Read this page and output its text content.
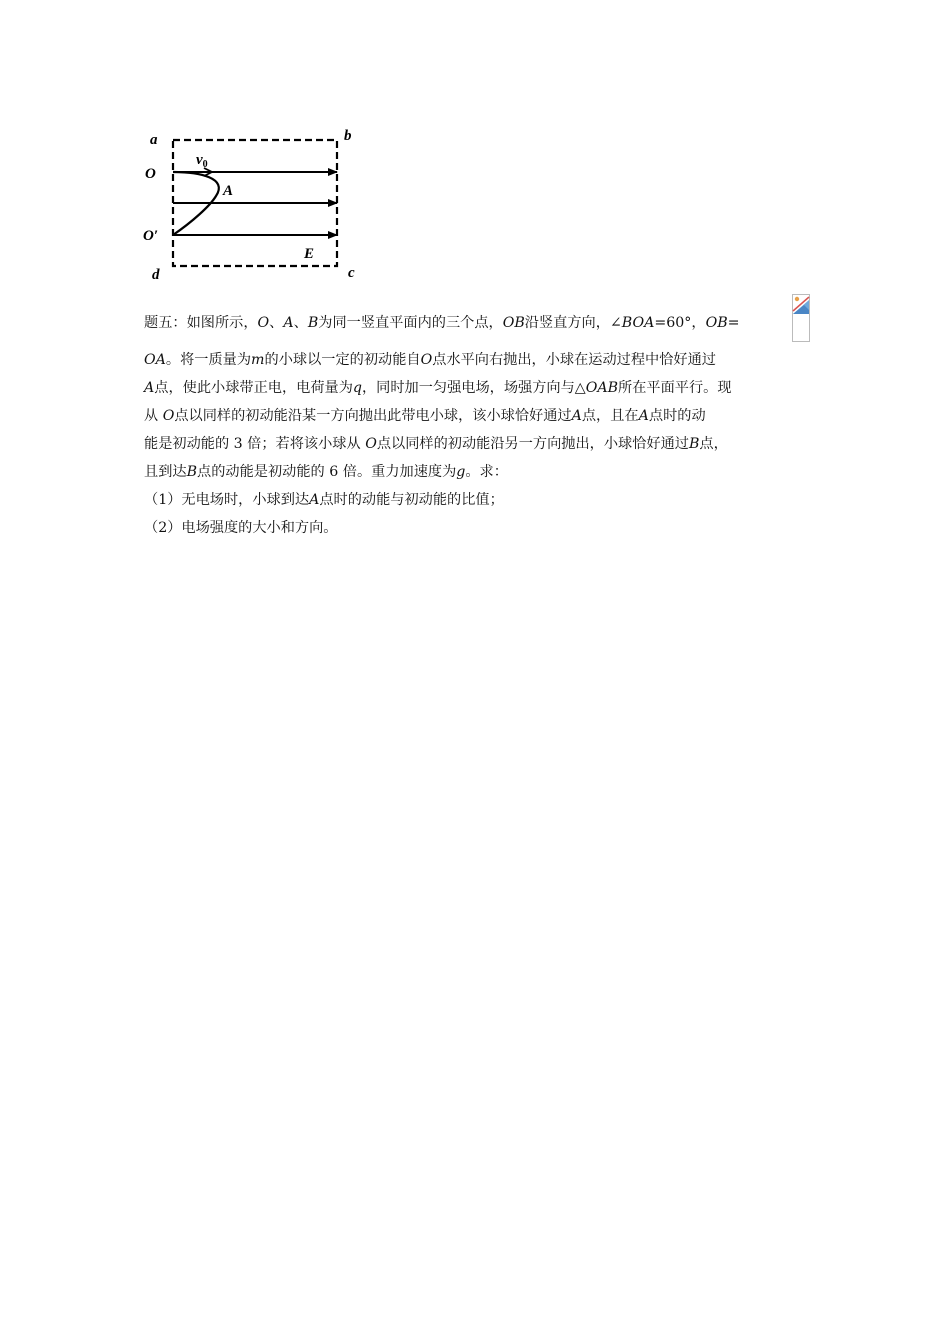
a	b
c
d
O
O′
A
E
$v_0$
题五：如图所示，O、A、B为同一竖直平面内的三个点，OB沿竖直方向，∠BOA=60°，OB=
OA。将一质量为m的小球以一定的初动能自O点水平向右抛出，小球在运动过程中恰好通过
A点，使此小球带正电，电荷量为q，同时加一匀强电场，场强方向与△OAB所在平面平行。现
从 O点以同样的初动能沿某一方向抛出此带电小球，该小球恰好通过A点，且在A点时的动
能是初动能的 3 倍；若将该小球从 O点以同样的初动能沿另一方向抛出，小球恰好通过B点，
且到达B点的动能是初动能的 6 倍。重力加速度为g。求：
（1）无电场时，小球到达A点时的动能与初动能的比值；
（2）电场强度的大小和方向。
